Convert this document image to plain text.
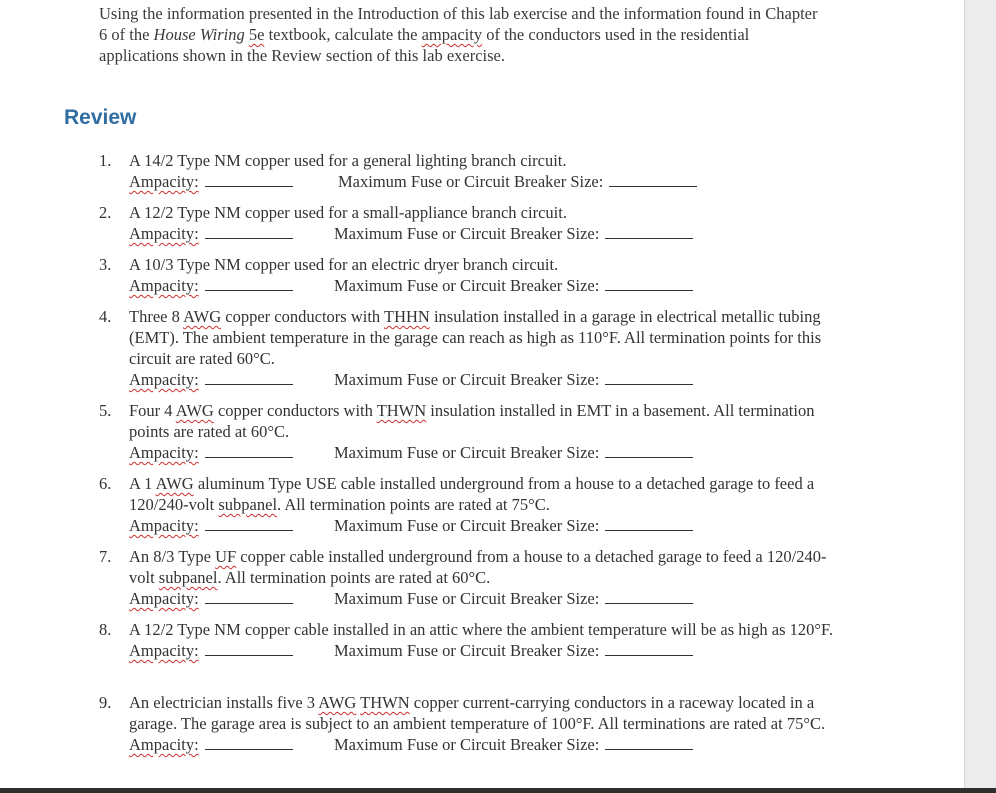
Using the information presented in the Introduction of this lab exercise and the information found in Chapter 6 of the House Wiring 5e textbook, calculate the ampacity of the conductors used in the residential applications shown in the Review section of this lab exercise.

Review
1. A 14/2 Type NM copper used for a general lighting branch circuit.
Ampacity:	Maximum Fuse or Circuit Breaker Size:
2. A 12/2 Type NM copper used for a small-appliance branch circuit.
Ampacity:	Maximum Fuse or Circuit Breaker Size:
3. A 10/3 Type NM copper used for an electric dryer branch circuit.
Ampacity:	Maximum Fuse or Circuit Breaker Size:
4. Three 8 AWG copper conductors with THHN insulation installed in a garage in electrical metallic tubing (EMT). The ambient temperature in the garage can reach as high as 110°F. All termination points for this circuit are rated 60°C.
Ampacity:	Maximum Fuse or Circuit Breaker Size:
5. Four 4 AWG copper conductors with THWN insulation installed in EMT in a basement. All termination points are rated at 60°C.
Ampacity:	Maximum Fuse or Circuit Breaker Size:
6. A 1 AWG aluminum Type USE cable installed underground from a house to a detached garage to feed a 120/240-volt subpanel. All termination points are rated at 75°C.
Ampacity:	Maximum Fuse or Circuit Breaker Size:
7. An 8/3 Type UF copper cable installed underground from a house to a detached garage to feed a 120/240-volt subpanel. All termination points are rated at 60°C.
Ampacity:	Maximum Fuse or Circuit Breaker Size:
8. A 12/2 Type NM copper cable installed in an attic where the ambient temperature will be as high as 120°F.
Ampacity:	Maximum Fuse or Circuit Breaker Size:
9. An electrician installs five 3 AWG THWN copper current-carrying conductors in a raceway located in a garage. The garage area is subject to an ambient temperature of 100°F. All terminations are rated at 75°C.
Ampacity:	Maximum Fuse or Circuit Breaker Size:
